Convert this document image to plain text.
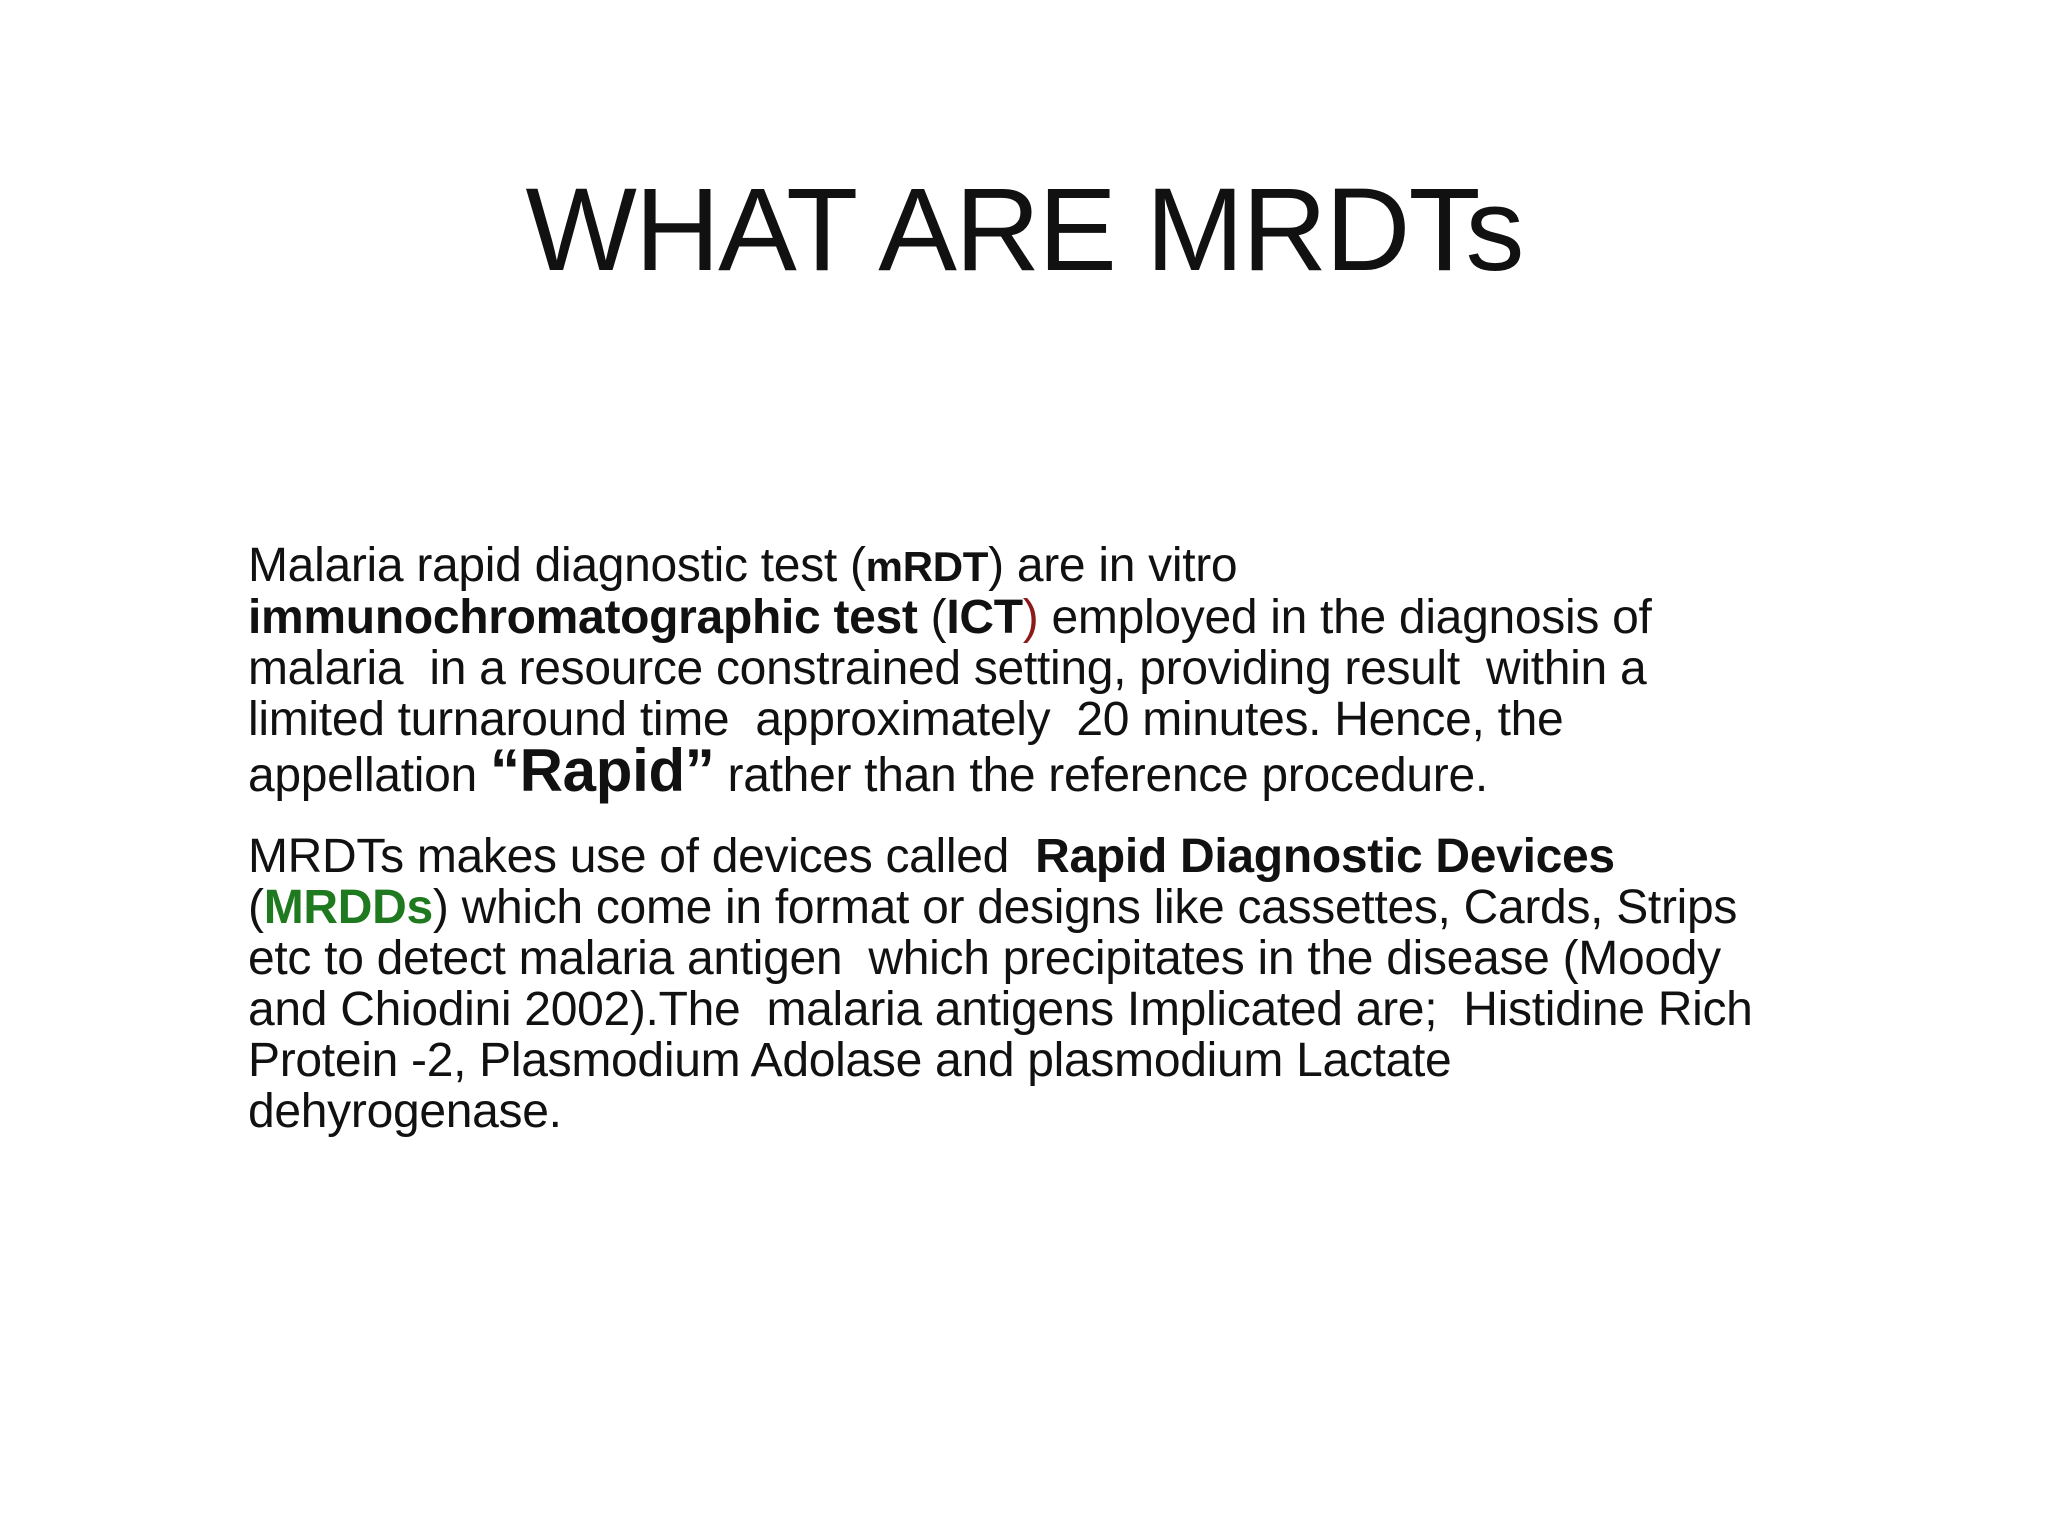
WHAT ARE MRDTs

Malaria rapid diagnostic test (mRDT) are in vitro
immunochromatographic test (ICT) employed in the diagnosis of
malaria  in a resource constrained setting, providing result  within a
limited turnaround time  approximately  20 minutes. Hence, the
appellation “Rapid” rather than the reference procedure.

MRDTs makes use of devices called  Rapid Diagnostic Devices
(MRDDs) which come in format or designs like cassettes, Cards, Strips
etc to detect malaria antigen  which precipitates in the disease (Moody
and Chiodini 2002).The  malaria antigens Implicated are;  Histidine Rich
Protein -2, Plasmodium Adolase and plasmodium Lactate
dehyrogenase.
